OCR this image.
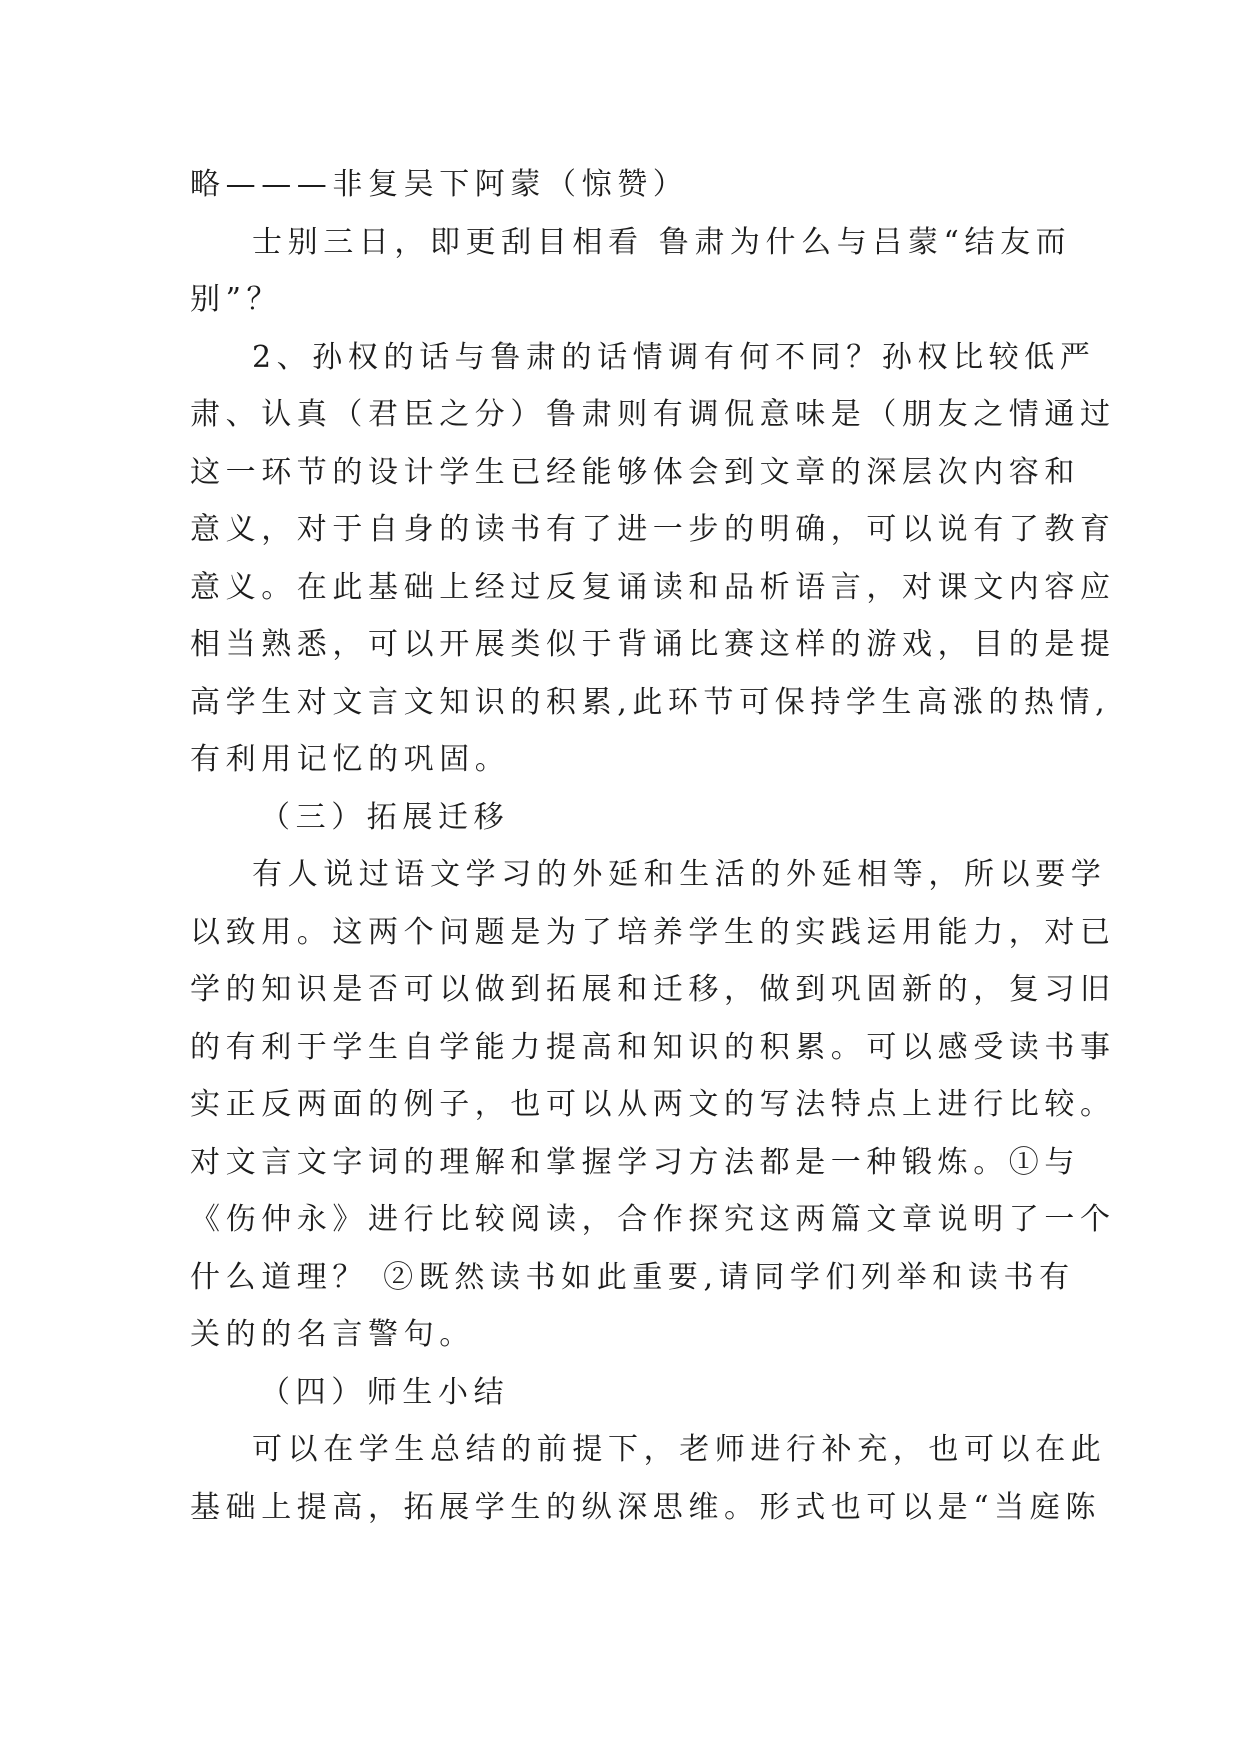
略———非复吴下阿蒙（惊赞）
士别三日，即更刮目相看 鲁肃为什么与吕蒙“结友而
别”？
2、孙权的话与鲁肃的话情调有何不同？孙权比较低严
肃、认真（君臣之分）鲁肃则有调侃意味是（朋友之情通过
这一环节的设计学生已经能够体会到文章的深层次内容和
意义，对于自身的读书有了进一步的明确，可以说有了教育
意义。在此基础上经过反复诵读和品析语言，对课文内容应
相当熟悉，可以开展类似于背诵比赛这样的游戏，目的是提
高学生对文言文知识的积累,此环节可保持学生高涨的热情,
有利用记忆的巩固。
（三）拓展迁移
有人说过语文学习的外延和生活的外延相等，所以要学
以致用。这两个问题是为了培养学生的实践运用能力，对已
学的知识是否可以做到拓展和迁移，做到巩固新的，复习旧
的有利于学生自学能力提高和知识的积累。可以感受读书事
实正反两面的例子，也可以从两文的写法特点上进行比较。
对文言文字词的理解和掌握学习方法都是一种锻炼。①与
《伤仲永》进行比较阅读，合作探究这两篇文章说明了一个
什么道理？ ②既然读书如此重要,请同学们列举和读书有
关的的名言警句。
（四）师生小结
可以在学生总结的前提下，老师进行补充，也可以在此
基础上提高，拓展学生的纵深思维。形式也可以是“当庭陈
